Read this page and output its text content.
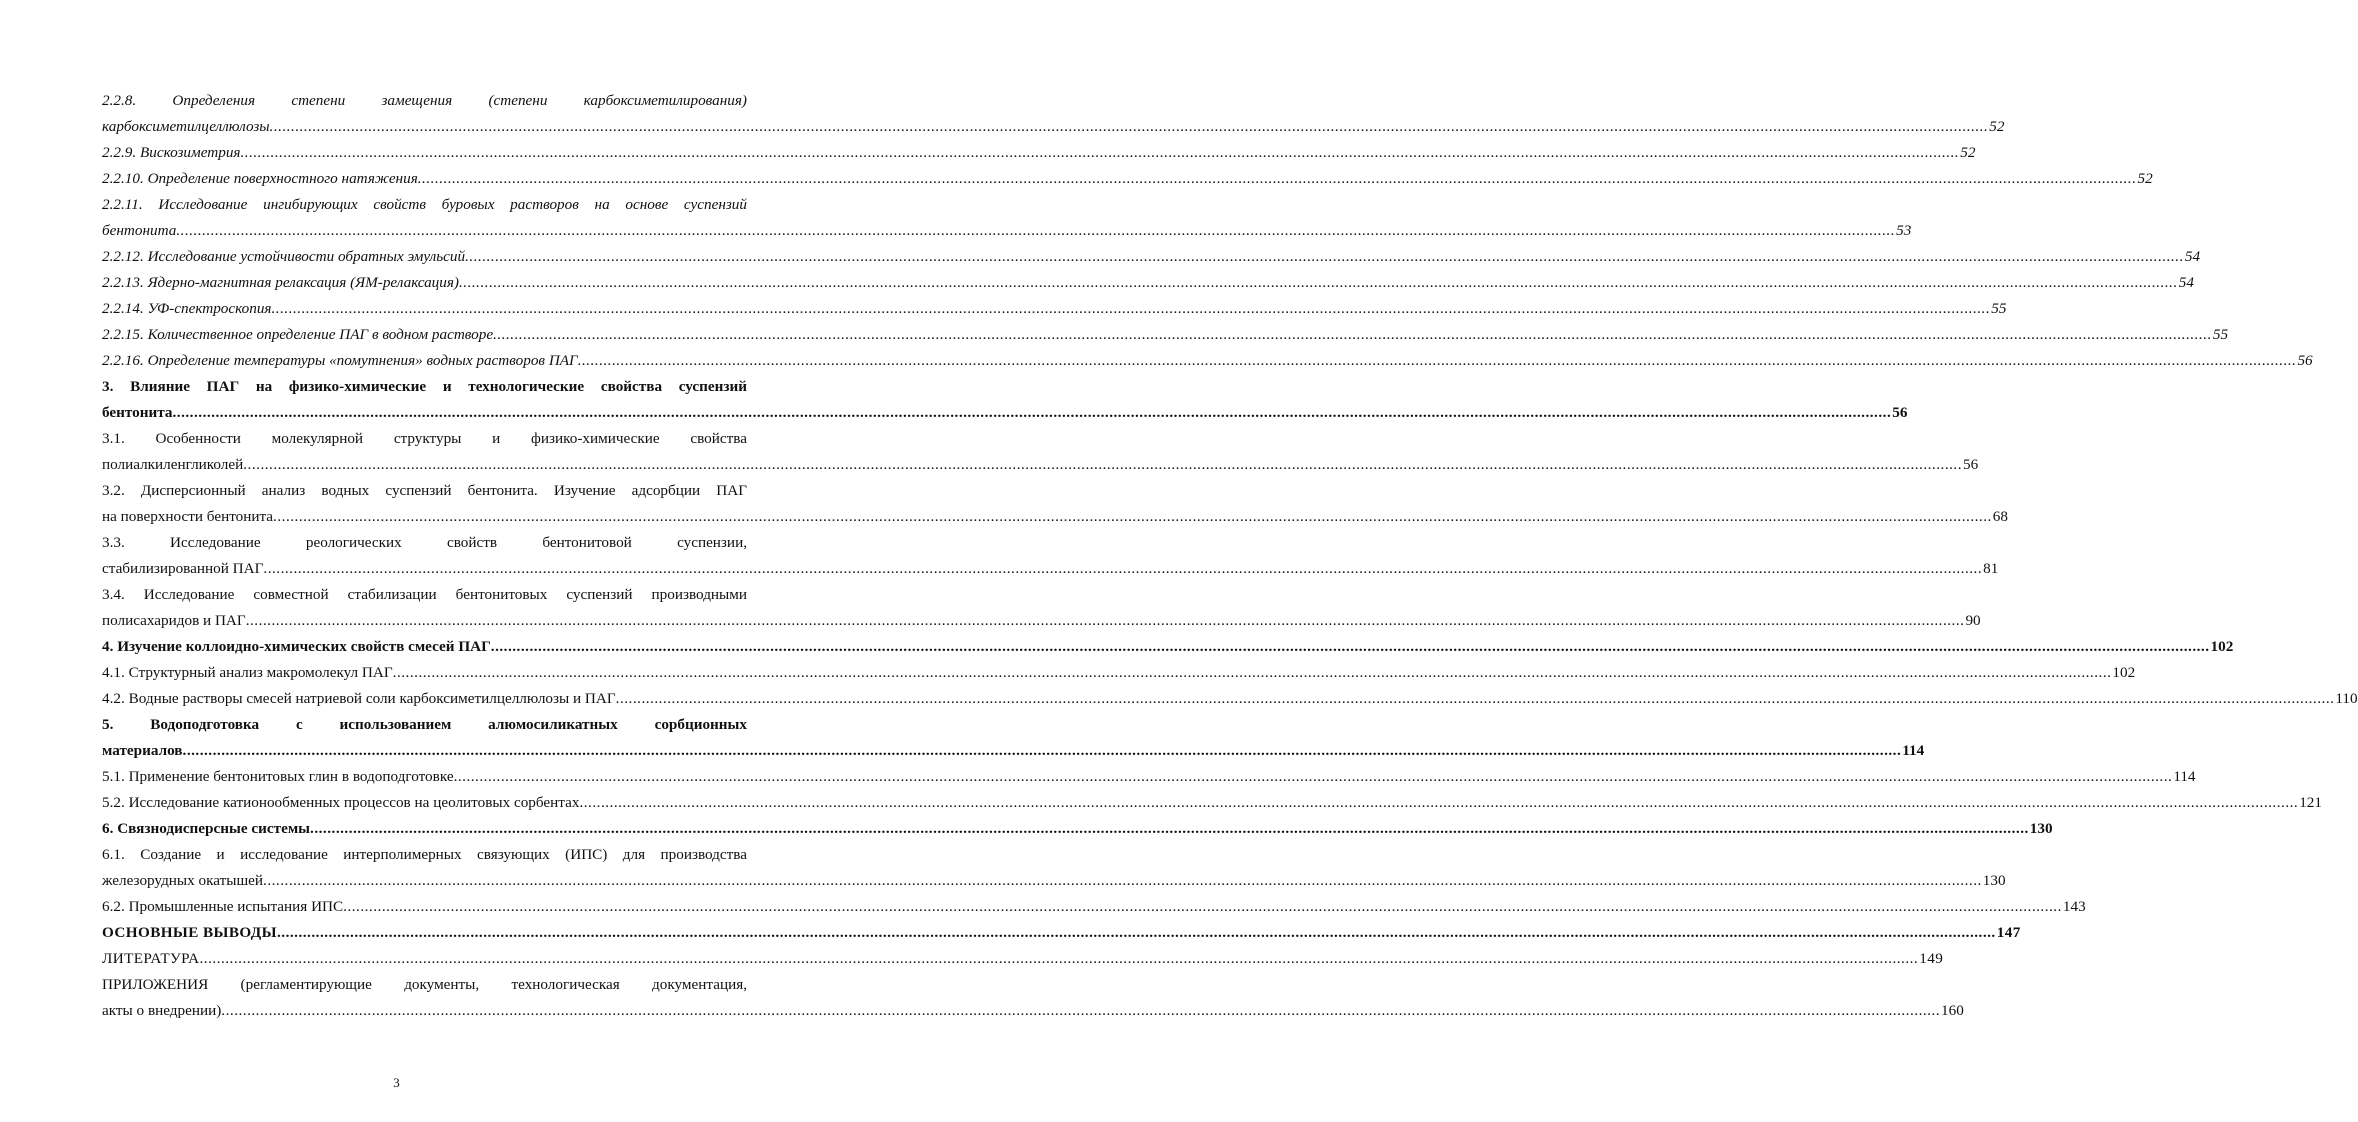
2.2.8. Определения степени замещения (степени карбоксиметилирования)
карбоксиметилцеллюлозы ................................................................................................................................................................................................................................................................................................................................................................................................................ 52
2.2.9. Вискозиметрия ................................................................................................................................................................................................................................................................................................................................................................................................................ 52
2.2.10. Определение поверхностного натяжения ................................................................................................................................................................................................................................................................................................................................................................................................................ 52
2.2.11. Исследование ингибирующих свойств буровых растворов на основе суспензий
бентонита ................................................................................................................................................................................................................................................................................................................................................................................................................ 53
2.2.12. Исследование устойчивости обратных эмульсий ................................................................................................................................................................................................................................................................................................................................................................................................................ 54
2.2.13. Ядерно-магнитная релаксация (ЯМ-релаксация) ................................................................................................................................................................................................................................................................................................................................................................................................................ 54
2.2.14. УФ-спектроскопия ................................................................................................................................................................................................................................................................................................................................................................................................................ 55
2.2.15. Количественное определение ПАГ в водном растворе ................................................................................................................................................................................................................................................................................................................................................................................................................ 55
2.2.16. Определение температуры «помутнения» водных растворов ПАГ ................................................................................................................................................................................................................................................................................................................................................................................................................ 56
3. Влияние ПАГ на физико-химические и технологические свойства суспензий
бентонита ................................................................................................................................................................................................................................................................................................................................................................................................................ 56
3.1. Особенности молекулярной структуры и физико-химические свойства
полиалкиленгликолей ................................................................................................................................................................................................................................................................................................................................................................................................................ 56
3.2. Дисперсионный анализ водных суспензий бентонита. Изучение адсорбции ПАГ
на поверхности бентонита ................................................................................................................................................................................................................................................................................................................................................................................................................ 68
3.3. Исследование реологических свойств бентонитовой суспензии,
стабилизированной ПАГ ................................................................................................................................................................................................................................................................................................................................................................................................................ 81
3.4. Исследование совместной стабилизации бентонитовых суспензий производными
полисахаридов и ПАГ ................................................................................................................................................................................................................................................................................................................................................................................................................ 90
4. Изучение коллоидно-химических свойств смесей ПАГ ................................................................................................................................................................................................................................................................................................................................................................................................................ 102
4.1. Структурный анализ макромолекул ПАГ ................................................................................................................................................................................................................................................................................................................................................................................................................ 102
4.2. Водные растворы смесей натриевой соли карбоксиметилцеллюлозы и ПАГ ................................................................................................................................................................................................................................................................................................................................................................................................................ 110
5. Водоподготовка с использованием алюмосиликатных сорбционных
материалов ................................................................................................................................................................................................................................................................................................................................................................................................................ 114
5.1. Применение бентонитовых глин в водоподготовке ................................................................................................................................................................................................................................................................................................................................................................................................................ 114
5.2. Исследование катионообменных процессов на цеолитовых сорбентах ................................................................................................................................................................................................................................................................................................................................................................................................................ 121
6. Связнодисперсные системы ................................................................................................................................................................................................................................................................................................................................................................................................................ 130
6.1. Создание и исследование интерполимерных связующих (ИПС) для производства
железорудных окатышей ................................................................................................................................................................................................................................................................................................................................................................................................................ 130
6.2. Промышленные испытания ИПС ................................................................................................................................................................................................................................................................................................................................................................................................................ 143
ОСНОВНЫЕ ВЫВОДЫ ................................................................................................................................................................................................................................................................................................................................................................................................................ 147
ЛИТЕРАТУРА ................................................................................................................................................................................................................................................................................................................................................................................................................ 149
ПРИЛОЖЕНИЯ (регламентирующие документы, технологическая документация,
акты о внедрении) ................................................................................................................................................................................................................................................................................................................................................................................................................ 160
3
